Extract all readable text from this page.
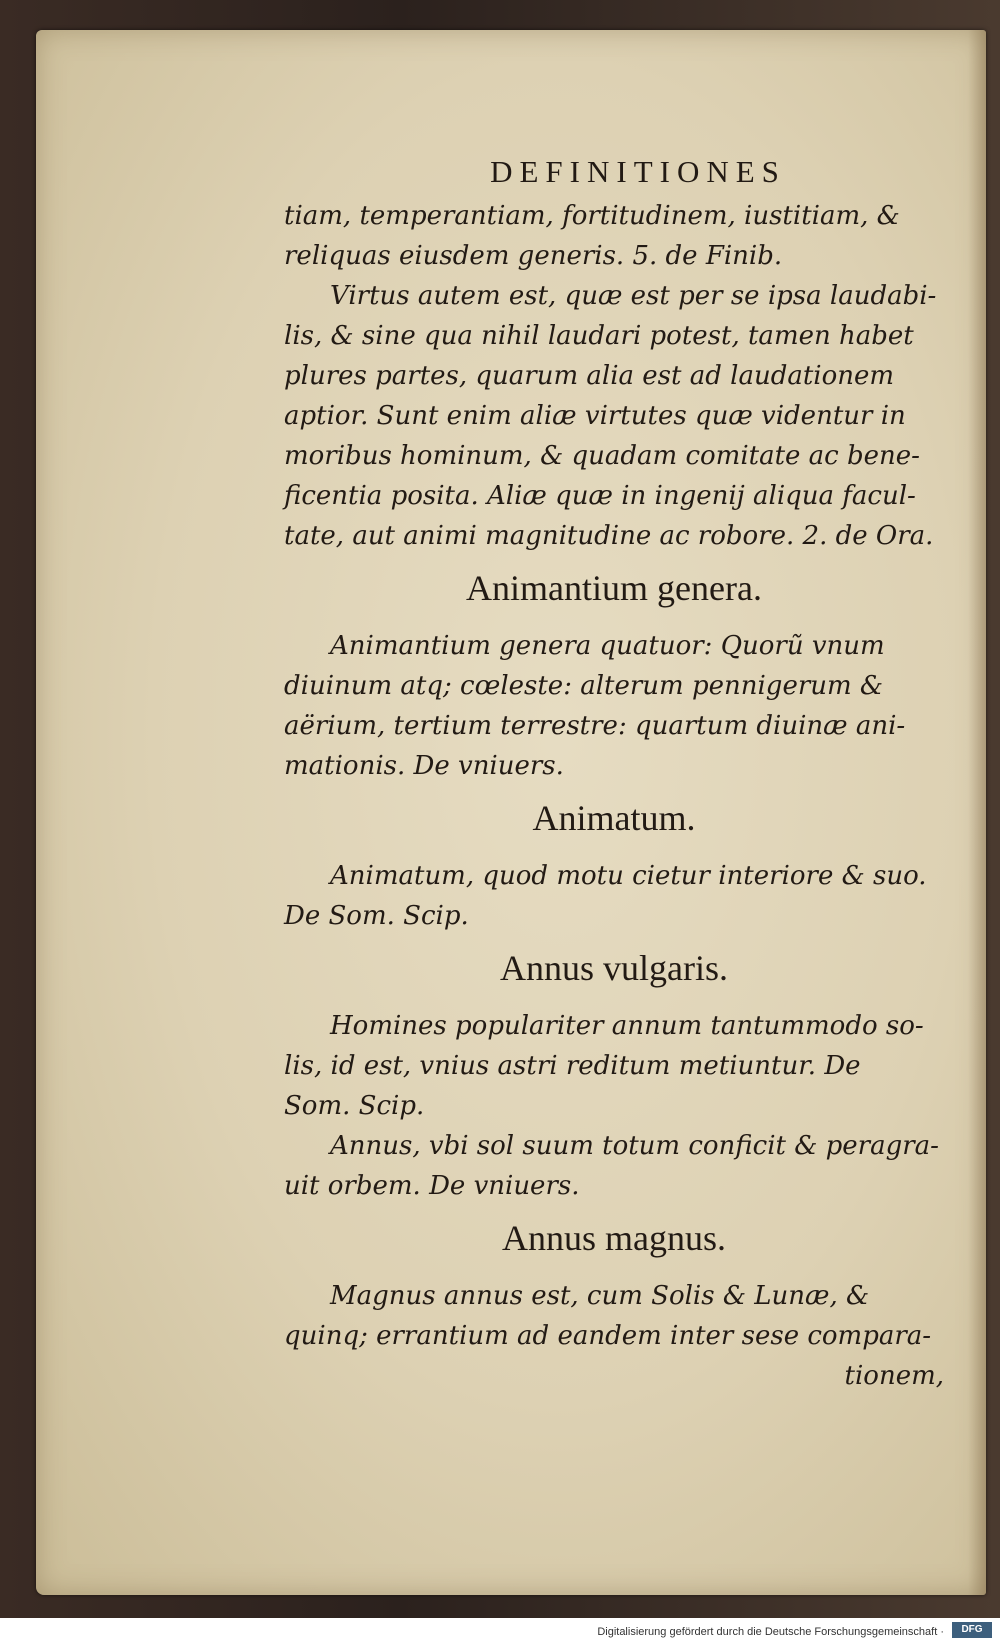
DEFINITIONES

tiam, temperantiam, fortitudinem, iustitiam, &
reliquas eiusdem generis. 5. de Finib.

Virtus autem est, quæ est per se ipsa laudabi-
lis, & sine qua nihil laudari potest, tamen habet
plures partes, quarum alia est ad laudationem
aptior. Sunt enim aliæ virtutes quæ videntur in
moribus hominum, & quadam comitate ac bene-
ficentia posita. Aliæ quæ in ingenij aliqua facul-
tate, aut animi magnitudine ac robore. 2. de Ora.

Animantium genera.

Animantium genera quatuor: Quorũ vnum
diuinum atq; cœleste: alterum pennigerum &
aërium, tertium terrestre: quartum diuinæ ani-
mationis. De vniuers.

Animatum.

Animatum, quod motu cietur interiore & suo.
De Som. Scip.

Annus vulgaris.

Homines populariter annum tantummodo so-
lis, id est, vnius astri reditum metiuntur. De
Som. Scip.

Annus, vbi sol suum totum conficit & peragra-
uit orbem. De vniuers.

Annus magnus.

Magnus annus est, cum Solis & Lunæ, &
quinq; errantium ad eandem inter sese compara-

tionem,
Digitalisierung gefördert durch die Deutsche Forschungsgemeinschaft ·	DFG
